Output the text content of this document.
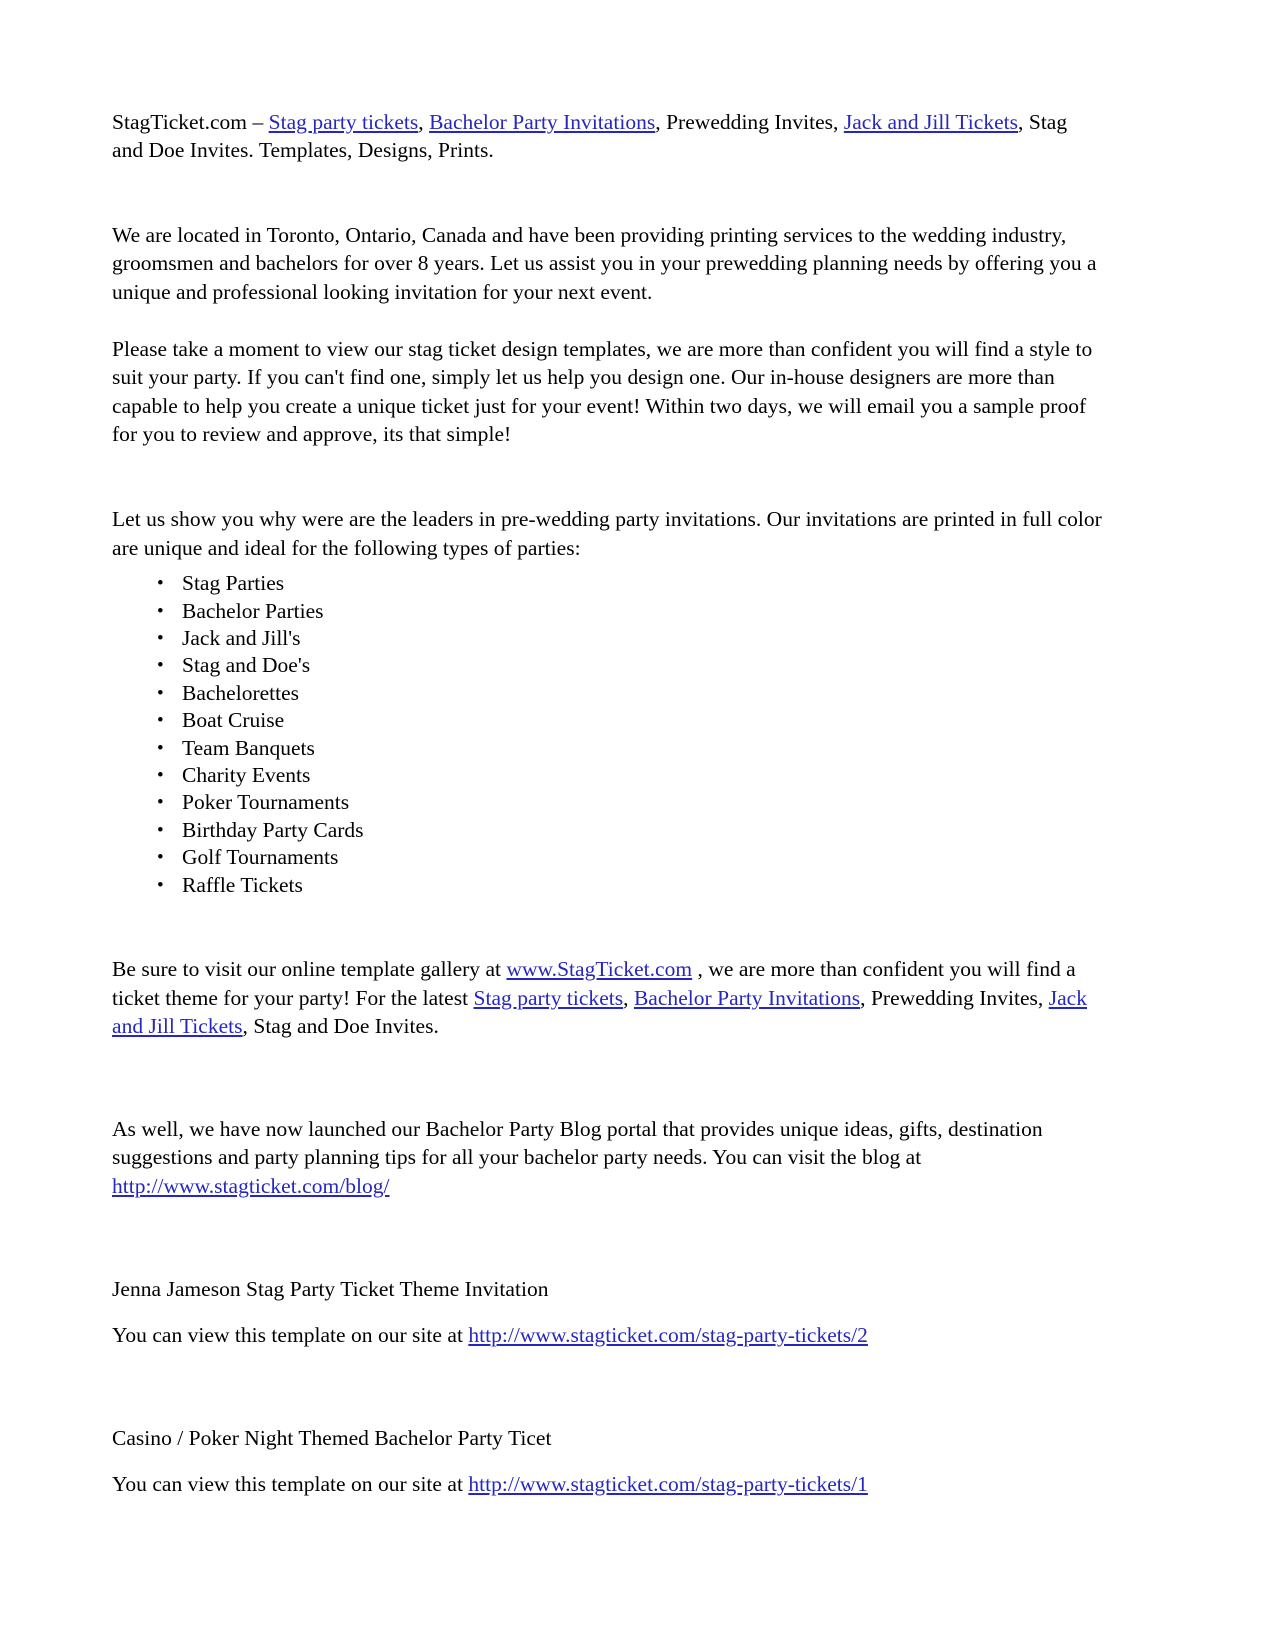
StagTicket.com – Stag party tickets, Bachelor Party Invitations, Prewedding Invites, Jack and Jill Tickets, Stag and Doe Invites. Templates, Designs, Prints.

We are located in Toronto, Ontario, Canada and have been providing printing services to the wedding industry, groomsmen and bachelors for over 8 years. Let us assist you in your prewedding planning needs by offering you a unique and professional looking invitation for your next event.

Please take a moment to view our stag ticket design templates, we are more than confident you will find a style to suit your party. If you can't find one, simply let us help you design one. Our in-house designers are more than capable to help you create a unique ticket just for your event! Within two days, we will email you a sample proof for you to review and approve, its that simple!

Let us show you why were are the leaders in pre-wedding party invitations. Our invitations are printed in full color are unique and ideal for the following types of parties:

• Stag Parties
• Bachelor Parties
• Jack and Jill's
• Stag and Doe's
• Bachelorettes
• Boat Cruise
• Team Banquets
• Charity Events
• Poker Tournaments
• Birthday Party Cards
• Golf Tournaments
• Raffle Tickets

Be sure to visit our online template gallery at www.StagTicket.com , we are more than confident you will find a ticket theme for your party! For the latest Stag party tickets, Bachelor Party Invitations, Prewedding Invites, Jack and Jill Tickets, Stag and Doe Invites.

As well, we have now launched our Bachelor Party Blog portal that provides unique ideas, gifts, destination suggestions and party planning tips for all your bachelor party needs. You can visit the blog at http://www.stagticket.com/blog/

Jenna Jameson Stag Party Ticket Theme Invitation

You can view this template on our site at http://www.stagticket.com/stag-party-tickets/2

Casino / Poker Night Themed Bachelor Party Ticet

You can view this template on our site at http://www.stagticket.com/stag-party-tickets/1
